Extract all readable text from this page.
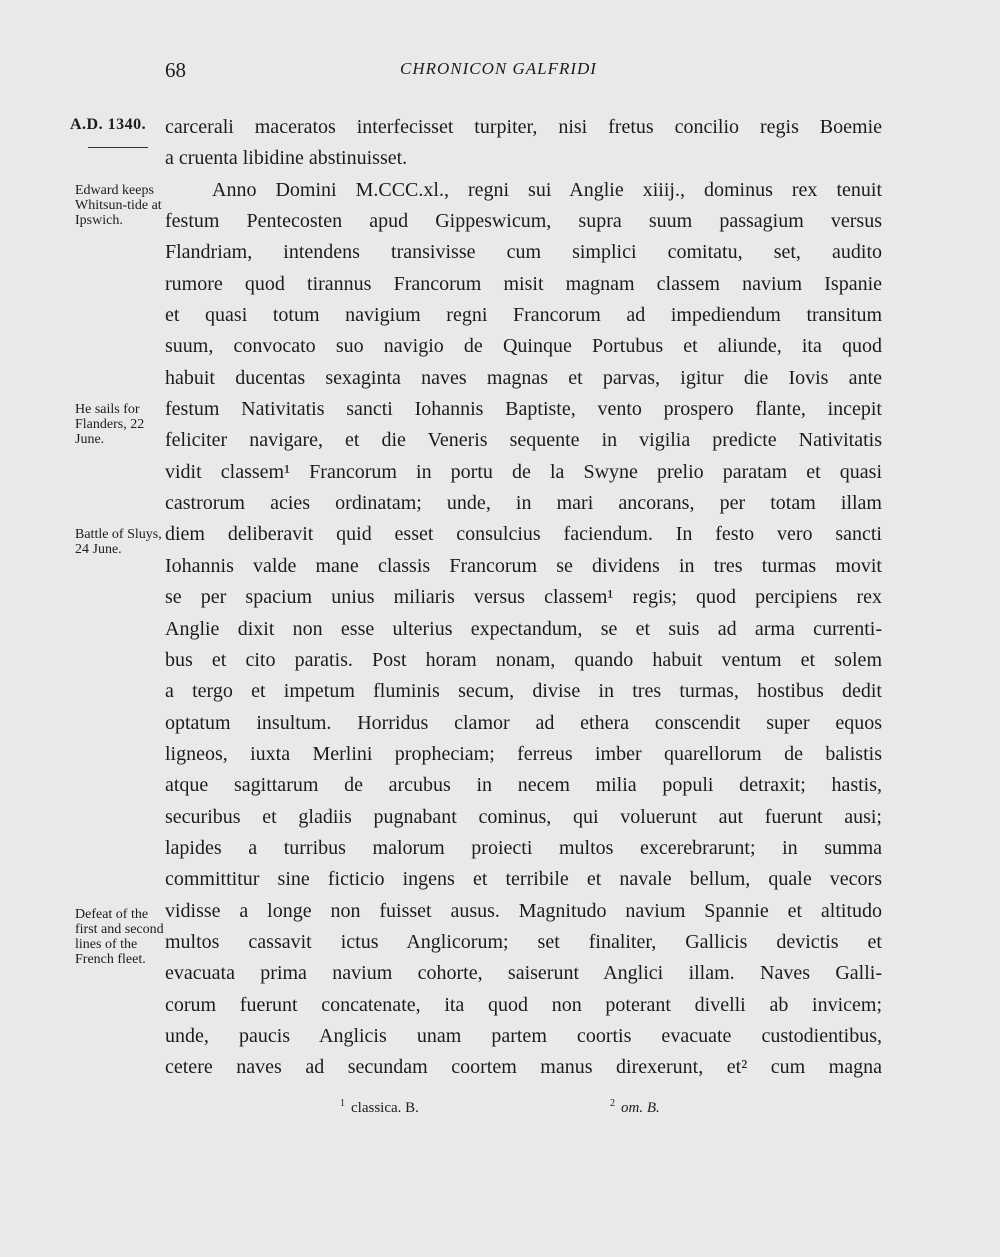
68	CHRONICON GALFRIDI
A.D. 1340.

Edward keeps Whitsun-tide at Ipswich.

He sails for Flanders, 22 June.

Battle of Sluys, 24 June.

Defeat of the first and second lines of the French fleet.

carcerali maceratos interfecisset turpiter, nisi fretus concilio regis Boemie
a cruenta libidine abstinuisset.
Anno Domini M.CCC.xl., regni sui Anglie xiiij., dominus rex tenuit
festum Pentecosten apud Gippeswicum, supra suum passagium versus
Flandriam, intendens transivisse cum simplici comitatu, set, audito
rumore quod tirannus Francorum misit magnam classem navium Ispanie
et quasi totum navigium regni Francorum ad impediendum transitum
suum, convocato suo navigio de Quinque Portubus et aliunde, ita quod
habuit ducentas sexaginta naves magnas et parvas, igitur die Iovis ante
festum Nativitatis sancti Iohannis Baptiste, vento prospero flante, incepit
feliciter navigare, et die Veneris sequente in vigilia predicte Nativitatis
vidit classem¹ Francorum in portu de la Swyne prelio paratam et quasi
castrorum acies ordinatam; unde, in mari ancorans, per totam illam
diem deliberavit quid esset consulcius faciendum. In festo vero sancti
Iohannis valde mane classis Francorum se dividens in tres turmas movit
se per spacium unius miliaris versus classem¹ regis; quod percipiens rex
Anglie dixit non esse ulterius expectandum, se et suis ad arma currenti-
bus et cito paratis. Post horam nonam, quando habuit ventum et solem
a tergo et impetum fluminis secum, divise in tres turmas, hostibus dedit
optatum insultum. Horridus clamor ad ethera conscendit super equos
ligneos, iuxta Merlini propheciam; ferreus imber quarellorum de balistis
atque sagittarum de arcubus in necem milia populi detraxit; hastis,
securibus et gladiis pugnabant cominus, qui voluerunt aut fuerunt ausi;
lapides a turribus malorum proiecti multos excerebrarunt; in summa
committitur sine ficticio ingens et terribile et navale bellum, quale vecors
vidisse a longe non fuisset ausus. Magnitudo navium Spannie et altitudo
multos cassavit ictus Anglicorum; set finaliter, Gallicis devictis et
evacuata prima navium cohorte, saiserunt Anglici illam. Naves Galli-
corum fuerunt concatenate, ita quod non poterant divelli ab invicem;
unde, paucis Anglicis unam partem coortis evacuate custodientibus,
cetere naves ad secundam coortem manus direxerunt, et² cum magna
$^1$ classica. B.	$^2$ om. B.
